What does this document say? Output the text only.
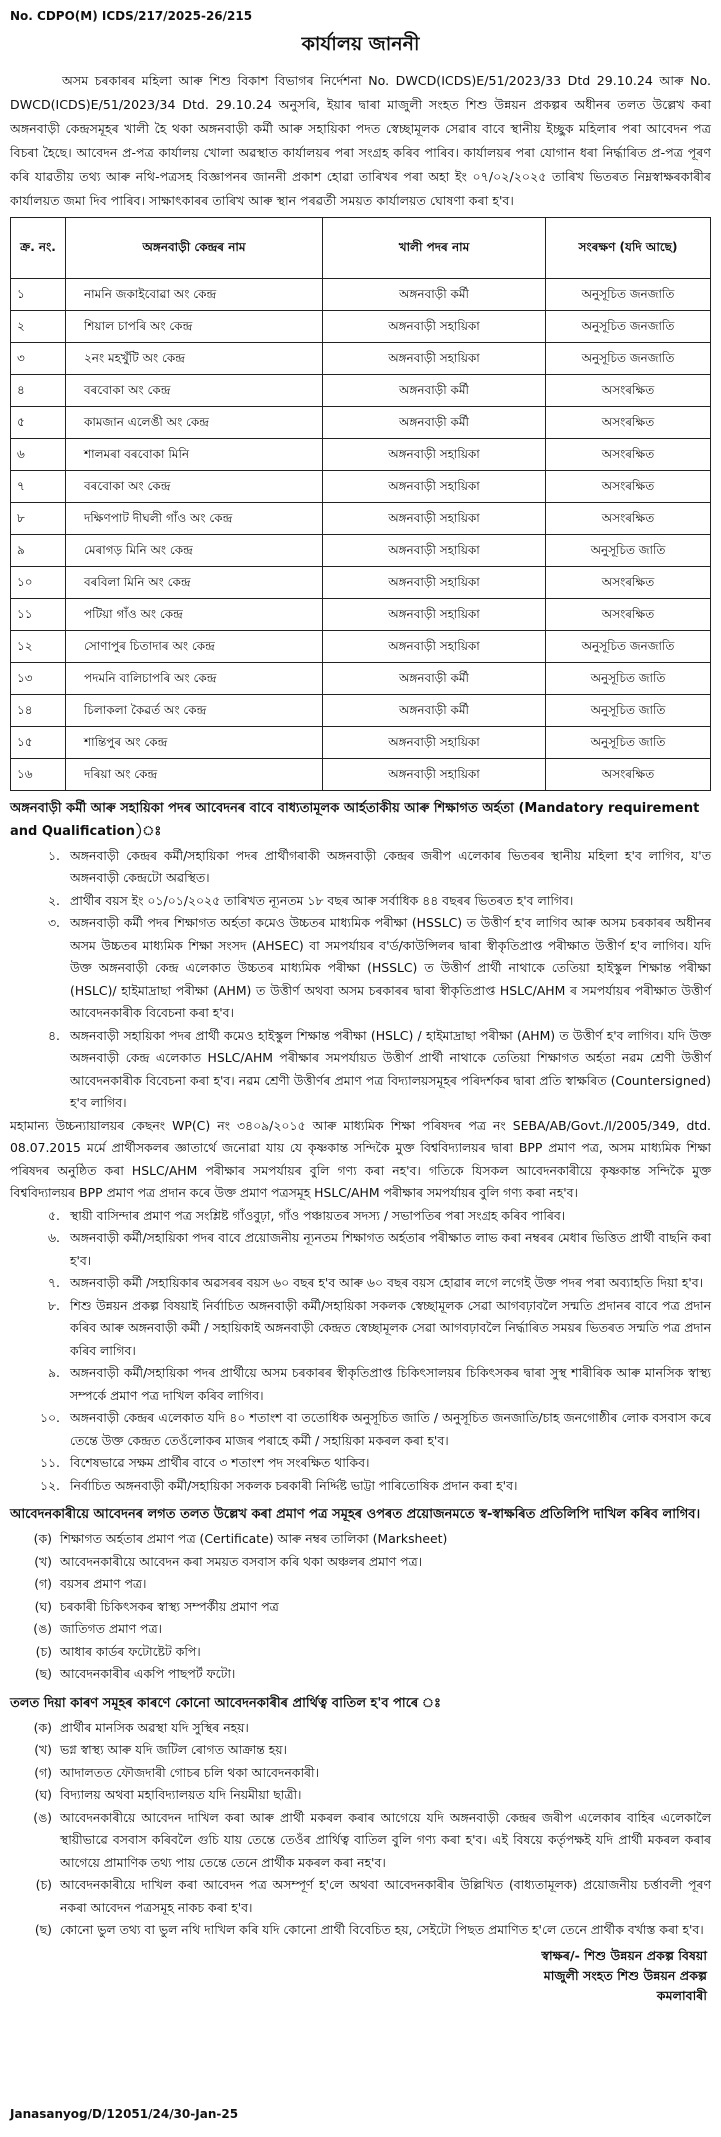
No. CDPO(M) ICDS/217/2025-26/215
কাৰ্যালয় জাননী

অসম চৰকাৰৰ মহিলা আৰু শিশু বিকাশ বিভাগৰ নিৰ্দেশনা No. DWCD(ICDS)E/51/2023/33 Dtd 29.10.24 আৰু No. DWCD(ICDS)E/51/2023/34 Dtd. 29.10.24 অনুসৰি, ইয়াৰ দ্বাৰা মাজুলী সংহত শিশু উন্নয়ন প্ৰকল্পৰ অধীনৰ তলত উল্লেখ কৰা অঙ্গনবাড়ী কেন্দ্ৰসমূহৰ খালী হৈ থকা অঙ্গনবাড়ী কৰ্মী আৰু সহায়িকা পদত স্বেচ্ছামূলক সেৱাৰ বাবে স্থানীয় ইচ্ছুক মহিলাৰ পৰা আবেদন পত্ৰ বিচৰা হৈছে। আবেদন প্ৰ-পত্ৰ কাৰ্যালয় খোলা অৱস্থাত কাৰ্যালয়ৰ পৰা সংগ্ৰহ কৰিব পাৰিব। কাৰ্যালয়ৰ পৰা যোগান ধৰা নিৰ্দ্ধাৰিত প্ৰ-পত্ৰ পূৰণ কৰি যাৱতীয় তথ্য আৰু নথি-পত্ৰসহ বিজ্ঞাপনৰ জাননী প্ৰকাশ হোৱা তাৰিখৰ পৰা অহা ইং ০৭/০২/২০২৫ তাৰিখ ভিতৰত নিম্নস্বাক্ষৰকাৰীৰ কাৰ্যালয়ত জমা দিব পাৰিব। সাক্ষাৎকাৰৰ তাৰিখ আৰু স্থান পৰৱৰ্তী সময়ত কাৰ্যালয়ত ঘোষণা কৰা হ'ব।

ক্ৰ. নং.	অঙ্গনবাড়ী কেন্দ্ৰৰ নাম	খালী পদৰ নাম	সংৰক্ষণ (যদি আছে)
১	নামনি জকাইবোৱা অং কেন্দ্ৰ	অঙ্গনবাড়ী কৰ্মী	অনুসূচিত জনজাতি
২	শিয়াল চাপৰি অং কেন্দ্ৰ	অঙ্গনবাড়ী সহায়িকা	অনুসূচিত জনজাতি
৩	২নং মহখুঁটি অং কেন্দ্ৰ	অঙ্গনবাড়ী সহায়িকা	অনুসূচিত জনজাতি
৪	বৰবোকা অং কেন্দ্ৰ	অঙ্গনবাড়ী কৰ্মী	অসংৰক্ষিত
৫	কামজান এলেঙী অং কেন্দ্ৰ	অঙ্গনবাড়ী কৰ্মী	অসংৰক্ষিত
৬	শালমৰা বৰবোকা মিনি	অঙ্গনবাড়ী সহায়িকা	অসংৰক্ষিত
৭	বৰবোকা অং কেন্দ্ৰ	অঙ্গনবাড়ী সহায়িকা	অসংৰক্ষিত
৮	দক্ষিণপাট দীঘলী গাঁও অং কেন্দ্ৰ	অঙ্গনবাড়ী সহায়িকা	অসংৰক্ষিত
৯	মেৰাগড় মিনি অং কেন্দ্ৰ	অঙ্গনবাড়ী সহায়িকা	অনুসূচিত জাতি
১০	বৰবিলা মিনি অং কেন্দ্ৰ	অঙ্গনবাড়ী সহায়িকা	অসংৰক্ষিত
১১	পটিয়া গাঁও অং কেন্দ্ৰ	অঙ্গনবাড়ী সহায়িকা	অসংৰক্ষিত
১২	সোণাপুৰ চিতাদাৰ অং কেন্দ্ৰ	অঙ্গনবাড়ী সহায়িকা	অনুসূচিত জনজাতি
১৩	পদমনি বালিচাপৰি অং কেন্দ্ৰ	অঙ্গনবাড়ী কৰ্মী	অনুসূচিত জাতি
১৪	চিলাকলা কৈৱৰ্ত অং কেন্দ্ৰ	অঙ্গনবাড়ী কৰ্মী	অনুসূচিত জাতি
১৫	শান্তিপুৰ অং কেন্দ্ৰ	অঙ্গনবাড়ী সহায়িকা	অনুসূচিত জাতি
১৬	দৰিয়া অং কেন্দ্ৰ	অঙ্গনবাড়ী সহায়িকা	অসংৰক্ষিত
অঙ্গনবাড়ী কৰ্মী আৰু সহায়িকা পদৰ আবেদনৰ বাবে বাধ্যতামূলক আৰ্হতাকীয় আৰু শিক্ষাগত অৰ্হতা (Mandatory requirement and Qualification)ঃ
১. অঙ্গনবাড়ী কেন্দ্ৰৰ কৰ্মী/সহায়িকা পদৰ প্ৰাৰ্থীগৰাকী অঙ্গনবাড়ী কেন্দ্ৰৰ জৰীপ এলেকাৰ ভিতৰৰ স্থানীয় মহিলা হ'ব লাগিব, য'ত অঙ্গনবাড়ী কেন্দ্ৰটো অৱস্থিত।
২. প্ৰাৰ্থীৰ বয়স ইং ০১/০১/২০২৫ তাৰিখত ন্যূনতম ১৮ বছৰ আৰু সৰ্বাধিক ৪৪ বছৰৰ ভিতৰত হ'ব লাগিব।
৩. অঙ্গনবাড়ী কৰ্মী পদৰ শিক্ষাগত অৰ্হতা কমেও উচ্চতৰ মাধ্যমিক পৰীক্ষা (HSSLC) ত উত্তীৰ্ণ হ'ব লাগিব আৰু অসম চৰকাৰৰ অধীনৰ অসম উচ্চতৰ মাধ্যমিক শিক্ষা সংসদ (AHSEC) বা সমপৰ্যায়ৰ ব'ৰ্ড/কাউন্সিলৰ দ্বাৰা স্বীকৃতিপ্ৰাপ্ত পৰীক্ষাত উত্তীৰ্ণ হ'ব লাগিব। যদি উক্ত অঙ্গনবাড়ী কেন্দ্ৰ এলেকাত উচ্চতৰ মাধ্যমিক পৰীক্ষা (HSSLC) ত উত্তীৰ্ণ প্ৰাৰ্থী নাথাকে তেতিয়া হাইস্কুল শিক্ষান্ত পৰীক্ষা (HSLC)/ হাইমাদ্ৰাছা পৰীক্ষা (AHM) ত উত্তীৰ্ণ অথবা অসম চৰকাৰৰ দ্বাৰা স্বীকৃতিপ্ৰাপ্ত HSLC/AHM ৰ সমপৰ্যায়ৰ পৰীক্ষাত উত্তীৰ্ণ আবেদনকাৰীক বিবেচনা কৰা হ'ব।
৪. অঙ্গনবাড়ী সহায়িকা পদৰ প্ৰাৰ্থী কমেও হাইস্কুল শিক্ষান্ত পৰীক্ষা (HSLC) / হাইমাদ্ৰাছা পৰীক্ষা (AHM) ত উত্তীৰ্ণ হ'ব লাগিব। যদি উক্ত অঙ্গনবাড়ী কেন্দ্ৰ এলেকাত HSLC/AHM পৰীক্ষাৰ সমপৰ্যায়ত উত্তীৰ্ণ প্ৰাৰ্থী নাথাকে তেতিয়া শিক্ষাগত অৰ্হতা নৱম শ্ৰেণী উত্তীৰ্ণ আবেদনকাৰীক বিবেচনা কৰা হ'ব। নৱম শ্ৰেণী উত্তীৰ্ণৰ প্ৰমাণ পত্ৰ বিদ্যালয়সমূহৰ পৰিদৰ্শকৰ দ্বাৰা প্ৰতি স্বাক্ষৰিত (Countersigned) হ'ব লাগিব।

মহামান্য উচ্চন্যায়ালয়ৰ কেছনং WP(C) নং ৩৪০৯/২০১৫ আৰু মাধ্যমিক শিক্ষা পৰিষদৰ পত্ৰ নং SEBA/AB/Govt./I/2005/349, dtd. 08.07.2015 মৰ্মে প্ৰাৰ্থীসকলৰ জ্ঞাতাৰ্থে জনোৱা যায় যে কৃষ্ণকান্ত সন্দিকৈ মুক্ত বিশ্ববিদ্যালয়ৰ দ্বাৰা BPP প্ৰমাণ পত্ৰ, অসম মাধ্যমিক শিক্ষা পৰিষদৰ অনুষ্ঠিত কৰা HSLC/AHM পৰীক্ষাৰ সমপৰ্যায়ৰ বুলি গণ্য কৰা নহ'ব। গতিকে যিসকল আবেদনকাৰীয়ে কৃষ্ণকান্ত সন্দিকৈ মুক্ত বিশ্ববিদ্যালয়ৰ BPP প্ৰমাণ পত্ৰ প্ৰদান কৰে উক্ত প্ৰমাণ পত্ৰসমূহ HSLC/AHM পৰীক্ষাৰ সমপৰ্যায়ৰ বুলি গণ্য কৰা নহ'ব।

৫. স্থায়ী বাসিন্দাৰ প্ৰমাণ পত্ৰ সংশ্লিষ্ট গাঁওবুঢ়া, গাঁও পঞ্চায়তৰ সদস্য / সভাপতিৰ পৰা সংগ্ৰহ কৰিব পাৰিব।
৬. অঙ্গনবাড়ী কৰ্মী/সহায়িকা পদৰ বাবে প্ৰয়োজনীয় ন্যূনতম শিক্ষাগত অৰ্হতাৰ পৰীক্ষাত লাভ কৰা নম্বৰৰ মেধাৰ ভিত্তিত প্ৰাৰ্থী বাছনি কৰা হ'ব।
৭. অঙ্গনবাড়ী কৰ্মী /সহায়িকাৰ অৱসৰৰ বয়স ৬০ বছৰ হ'ব আৰু ৬০ বছৰ বয়স হোৱাৰ লগে লগেই উক্ত পদৰ পৰা অব্যাহতি দিয়া হ'ব।
৮. শিশু উন্নয়ন প্ৰকল্প বিষয়াই নিৰ্বাচিত অঙ্গনবাড়ী কৰ্মী/সহায়িকা সকলক স্বেচ্ছামূলক সেৱা আগবঢ়াবলৈ সন্মতি প্ৰদানৰ বাবে পত্ৰ প্ৰদান কৰিব আৰু অঙ্গনবাড়ী কৰ্মী / সহায়িকাই অঙ্গনবাড়ী কেন্দ্ৰত স্বেচ্ছামূলক সেৱা আগবঢ়াবলৈ নিৰ্দ্ধাৰিত সময়ৰ ভিতৰত সন্মতি পত্ৰ প্ৰদান কৰিব লাগিব।
৯. অঙ্গনবাড়ী কৰ্মী/সহায়িকা পদৰ প্ৰাৰ্থীয়ে অসম চৰকাৰৰ স্বীকৃতিপ্ৰাপ্ত চিকিৎসালয়ৰ চিকিৎসকৰ দ্বাৰা সুস্থ শাৰীৰিক আৰু মানসিক স্বাস্থ্য সম্পৰ্কে প্ৰমাণ পত্ৰ দাখিল কৰিব লাগিব।
১০. অঙ্গনবাড়ী কেন্দ্ৰৰ এলেকাত যদি ৪০ শতাংশ বা ততোধিক অনুসূচিত জাতি / অনুসূচিত জনজাতি/চাহ জনগোষ্ঠীৰ লোক বসবাস কৰে তেন্তে উক্ত কেন্দ্ৰত তেওঁলোকৰ মাজৰ পৰাহে কৰ্মী / সহায়িকা মকৰল কৰা হ'ব।
১১. বিশেষভাৱে সক্ষম প্ৰাৰ্থীৰ বাবে ৩ শতাংশ পদ সংৰক্ষিত থাকিব।
১২. নিৰ্বাচিত অঙ্গনবাড়ী কৰ্মী/সহায়িকা সকলক চৰকাৰী নিৰ্দ্দিষ্ট ভাট্টা পাৰিতোষিক প্ৰদান কৰা হ'ব।
আবেদনকাৰীয়ে আবেদনৰ লগত তলত উল্লেখ কৰা প্ৰমাণ পত্ৰ সমূহৰ ওপৰত প্ৰয়োজনমতে স্ব-স্বাক্ষৰিত প্ৰতিলিপি দাখিল কৰিব লাগিব।
(ক) শিক্ষাগত অৰ্হতাৰ প্ৰমাণ পত্ৰ (Certificate) আৰু নম্বৰ তালিকা (Marksheet)
(খ) আবেদনকাৰীয়ে আবেদন কৰা সময়ত বসবাস কৰি থকা অঞ্চলৰ প্ৰমাণ পত্ৰ।
(গ) বয়সৰ প্ৰমাণ পত্ৰ।
(ঘ) চৰকাৰী চিকিৎসকৰ স্বাস্থ্য সম্পৰ্কীয় প্ৰমাণ পত্ৰ
(ঙ) জাতিগত প্ৰমাণ পত্ৰ।
(চ) আধাৰ কাৰ্ডৰ ফটোষ্টেট কপি।
(ছ) আবেদনকাৰীৰ একপি পাছপৰ্ট ফটো।
তলত দিয়া কাৰণ সমূহৰ কাৰণে কোনো আবেদনকাৰীৰ প্ৰাৰ্থিত্ব বাতিল হ'ব পাৰে ঃ
(ক) প্ৰাৰ্থীৰ মানসিক অৱস্থা যদি সুস্থিৰ নহয়।
(খ) ভগ্ন স্বাস্থ্য আৰু যদি জটিল ৰোগত আক্ৰান্ত হয়।
(গ) আদালতত ফৌজদাৰী গোচৰ চলি থকা আবেদনকাৰী।
(ঘ) বিদ্যালয় অথবা মহাবিদ্যালয়ত যদি নিয়মীয়া ছাত্ৰী।
(ঙ) আবেদনকাৰীয়ে আবেদন দাখিল কৰা আৰু প্ৰাৰ্থী মকৰল কৰাৰ আগেয়ে যদি অঙ্গনবাড়ী কেন্দ্ৰৰ জৰীপ এলেকাৰ বাহিৰ এলেকালৈ স্থায়ীভাৱে বসবাস কৰিবলৈ গুচি যায় তেন্তে তেওঁৰ প্ৰাৰ্থিত্ব বাতিল বুলি গণ্য কৰা হ'ব। এই বিষয়ে কৰ্তৃপক্ষই যদি প্ৰাৰ্থী মকৰল কৰাৰ আগেয়ে প্ৰামাণিক তথ্য পায় তেন্তে তেনে প্ৰাৰ্থীক মকৰল কৰা নহ'ব।
(চ) আবেদনকাৰীয়ে দাখিল কৰা আবেদন পত্ৰ অসম্পূৰ্ণ হ'লে অথবা আবেদনকাৰীৰ উল্লিখিত (বাধ্যতামূলক) প্ৰয়োজনীয় চৰ্ত্তাবলী পূৰণ নকৰা আবেদন পত্ৰসমূহ নাকচ কৰা হ'ব।
(ছ) কোনো ভুল তথ্য বা ভুল নথি দাখিল কৰি যদি কোনো প্ৰাৰ্থী বিবেচিত হয়, সেইটো পিছত প্ৰমাণিত হ'লে তেনে প্ৰাৰ্থীক বৰ্খাস্ত কৰা হ'ব।
স্বাক্ষৰ/- শিশু উন্নয়ন প্ৰকল্প বিষয়া
মাজুলী সংহত শিশু উন্নয়ন প্ৰকল্প
কমলাবাৰী
Janasanyog/D/12051/24/30-Jan-25
